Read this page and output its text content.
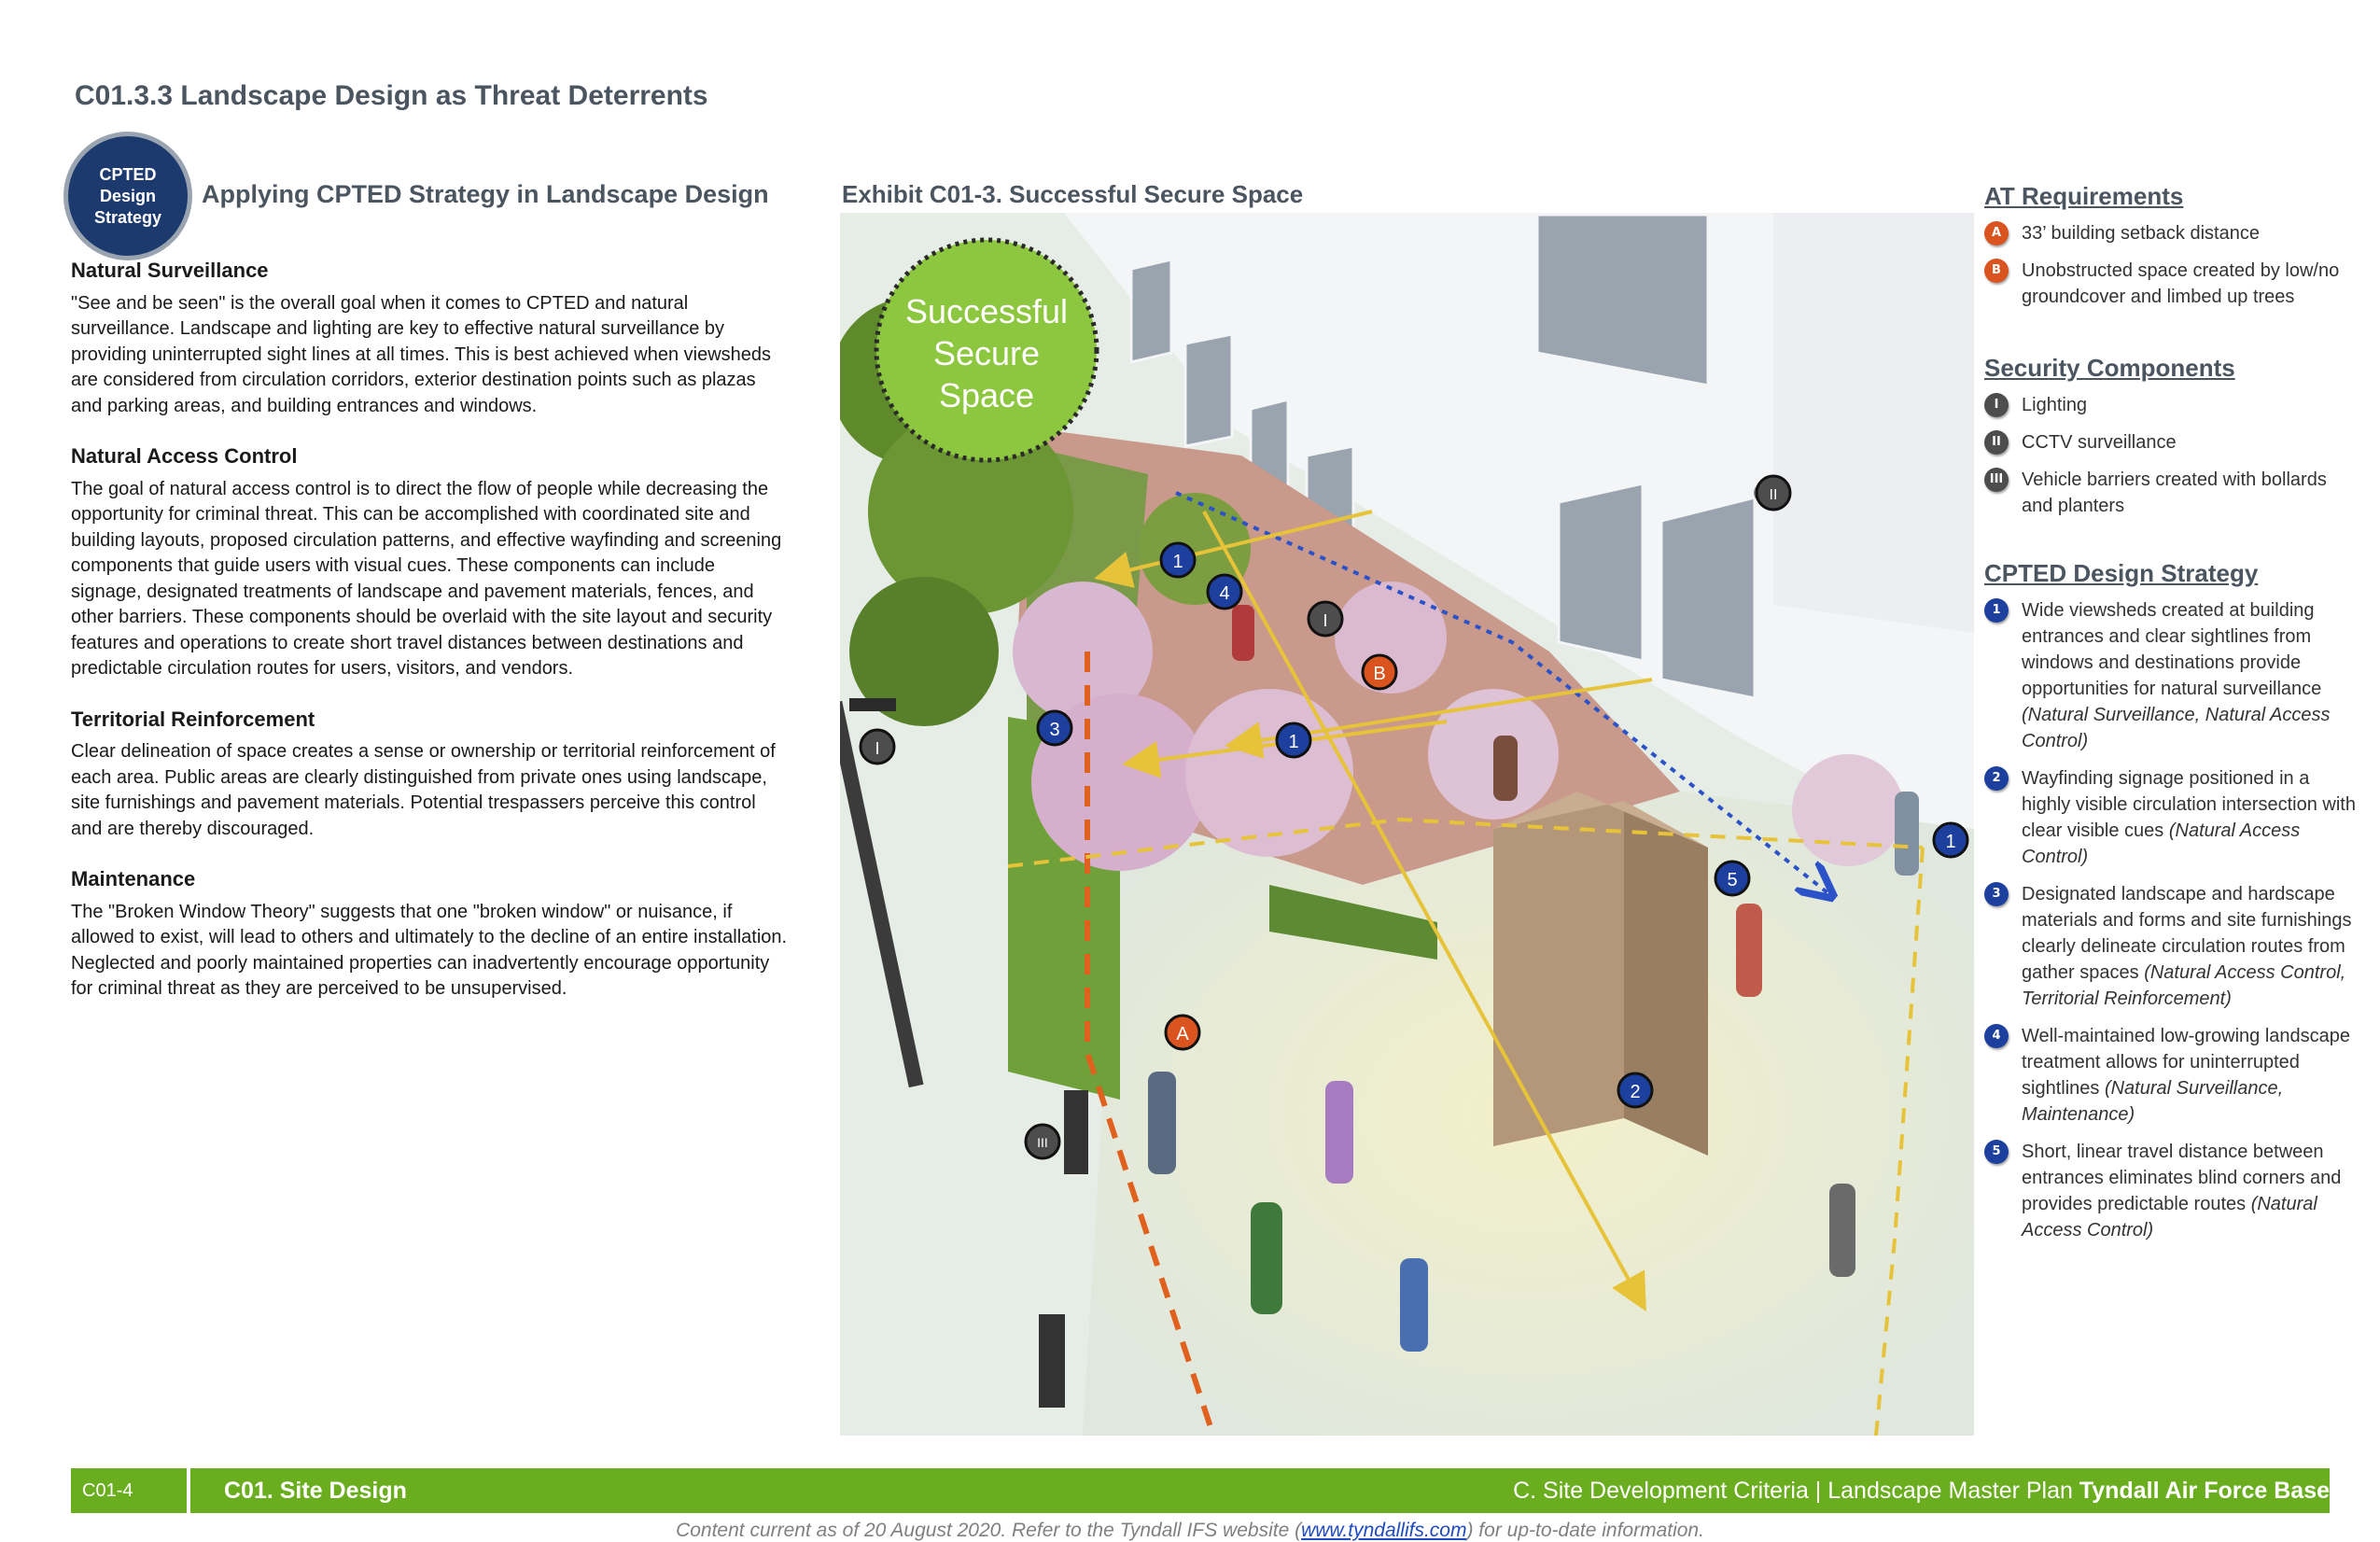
C01.3.3 Landscape Design as Threat Deterrents
CPTED
Design
Strategy
Applying CPTED Strategy in Landscape Design
Natural Surveillance

"See and be seen" is the overall goal when it comes to CPTED and natural surveillance. Landscape and lighting are key to effective natural surveillance by providing uninterrupted sight lines at all times. This is best achieved when viewsheds are considered from circulation corridors, exterior destination points such as plazas and parking areas, and building entrances and windows.

Natural Access Control

The goal of natural access control is to direct the flow of people while decreasing the opportunity for criminal threat. This can be accomplished with coordinated site and building layouts, proposed circulation patterns, and effective wayfinding and screening components that guide users with visual cues. These components can include signage, designated treatments of landscape and pavement materials, fences, and other barriers. These components should be overlaid with the site layout and security features and operations to create short travel distances between destinations and predictable circulation routes for users, visitors, and vendors.

Territorial Reinforcement

Clear delineation of space creates a sense or ownership or territorial reinforcement of each area. Public areas are clearly distinguished from private ones using landscape, site furnishings and pavement materials. Potential trespassers perceive this control and are thereby discouraged.

Maintenance

The "Broken Window Theory" suggests that one "broken window" or nuisance, if allowed to exist, will lead to others and ultimately to the decline of an entire installation. Neglected and poorly maintained properties can inadvertently encourage opportunity for criminal threat as they are perceived to be unsupervised.

Exhibit C01-3. Successful Secure Space
Successful
Secure
Space
1
4
I
B
1
3
I
II
5
1
A
2
III
AT Requirements
A	33’ building setback distance
B	Unobstructed space created by low/no groundcover and limbed up trees
Security Components
I	Lighting
II	CCTV surveillance
III Vehicle barriers created with bollards and planters
CPTED Design Strategy
1	Wide viewsheds created at building entrances and clear sightlines from windows and destinations provide opportunities for natural surveillance (Natural Surveillance, Natural Access Control)
2	Wayfinding signage positioned in a highly visible circulation intersection with clear visible cues (Natural Access Control)
3	Designated landscape and hardscape materials and forms and site furnishings clearly delineate circulation routes from gather spaces (Natural Access Control, Territorial Reinforcement)
4	Well-maintained low-growing landscape treatment allows for uninterrupted sightlines (Natural Surveillance, Maintenance)
5	Short, linear travel distance between entrances eliminates blind corners and provides predictable routes (Natural Access Control)
C01-4	C01. Site Design	C. Site Development Criteria | Landscape Master Plan Tyndall Air Force Base
Content current as of 20 August 2020. Refer to the Tyndall IFS website (www.tyndallifs.com) for up-to-date information.
